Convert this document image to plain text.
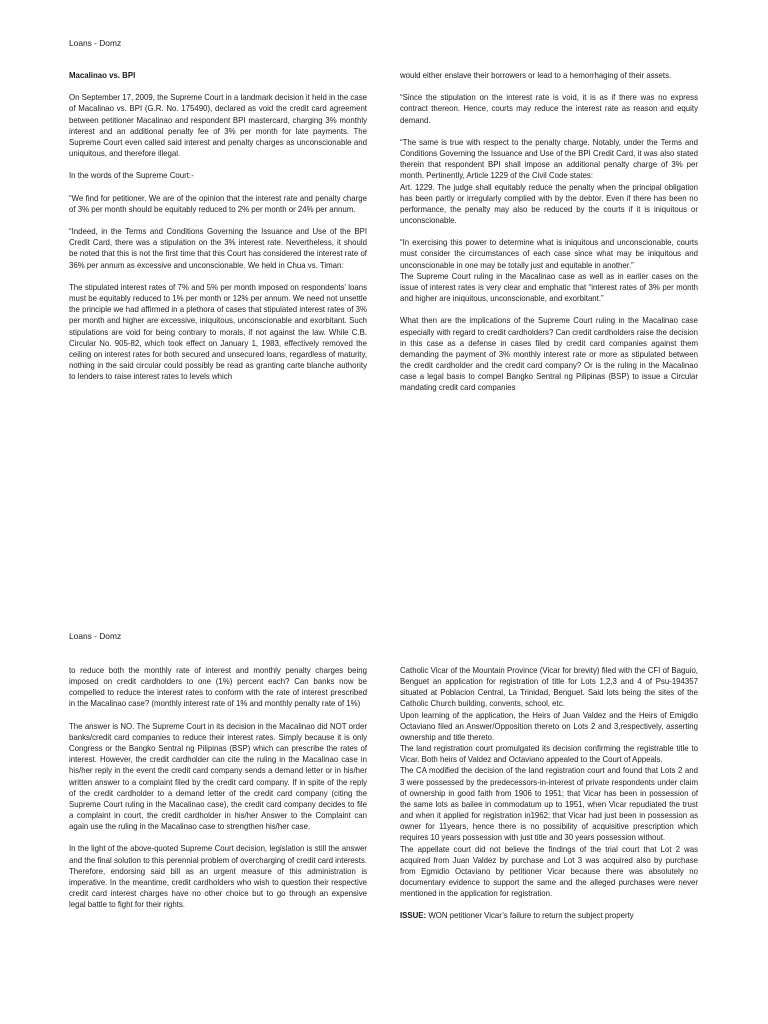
Loans - Domz

Macalinao vs. BPI

On September 17, 2009, the Supreme Court in a landmark decision it held in the case of Macalinao vs. BPI (G.R. No. 175490), declared as void the credit card agreement between petitioner Macalinao and respondent BPI mastercard, charging 3% monthly interest and an additional penalty fee of 3% per month for late payments. The Supreme Court even called said interest and penalty charges as unconscionable and uniquitous, and therefore illegal.

In the words of the Supreme Court:-

“We find for petitioner. We are of the opinion that the interest rate and penalty charge of 3% per month should be equitably reduced to 2% per month or 24% per annum.

“Indeed, in the Terms and Conditions Governing the Issuance and Use of the BPI Credit Card, there was a stipulation on the 3% interest rate. Nevertheless, it should be noted that this is not the first time that this Court has considered the interest rate of 36% per annum as excessive and unconscionable. We held in Chua vs. Timan:

The stipulated interest rates of 7% and 5% per month imposed on respondents’ loans must be equitably reduced to 1% per month or 12% per annum. We need not unsettle the principle we had affirmed in a plethora of cases that stipulated interest rates of 3% per month and higher are excessive, iniquitous, unconscionable and exorbitant. Such stipulations are void for being contrary to morals, if not against the law. While C.B. Circular No. 905-82, which took effect on January 1, 1983, effectively removed the ceiling on interest rates for both secured and unsecured loans, regardless of maturity, nothing in the said circular could possibly be read as granting carte blanche authority to lenders to raise interest rates to levels which

would either enslave their borrowers or lead to a hemorrhaging of their assets.

“Since the stipulation on the interest rate is void, it is as if there was no express contract thereon. Hence, courts may reduce the interest rate as reason and equity demand.

“The same is true with respect to the penalty charge. Notably, under the Terms and Conditions Governing the Issuance and Use of the BPI Credit Card, it was also stated therein that respondent BPI shall impose an additional penalty charge of 3% per month. Pertinently, Article 1229 of the Civil Code states:

Art. 1229. The judge shall equitably reduce the penalty when the principal obligation has been partly or irregularly complied with by the debtor. Even if there has been no performance, the penalty may also be reduced by the courts if it is iniquitous or unconscionable.

“In exercising this power to determine what is iniquitous and unconscionable, courts must consider the circumstances of each case since what may be iniquitous and unconscionable in one may be totally just and equitable in another.”

The Supreme Court ruling in the Macalinao case as well as in earlier cases on the issue of interest rates is very clear and emphatic that “interest rates of 3% per month and higher are iniquitous, unconscionable, and exorbitant.”

What then are the implications of the Supreme Court ruling in the Macalinao case especially with regard to credit cardholders? Can credit cardholders raise the decision in this case as a defense in cases filed by credit card companies against them demanding the payment of 3% monthly interest rate or more as stipulated between the credit cardholder and the credit card company? Or is the ruling in the Macalinao case a legal basis to compel Bangko Sentral ng Pilipinas (BSP) to issue a Circular mandating credit card companies

Loans - Domz

to reduce both the monthly rate of interest and monthly penalty charges being imposed on credit cardholders to one (1%) percent each? Can banks now be compelled to reduce the interest rates to conform with the rate of interest prescribed in the Macalinao case? (monthly interest rate of 1% and monthly penalty rate of 1%)

The answer is NO. The Supreme Court in its decision in the Macalinao did NOT order banks/credit card companies to reduce their interest rates. Simply because it is only Congress or the Bangko Sentral ng Pilipinas (BSP) which can prescribe the rates of interest. However, the credit cardholder can cite the ruling in the Macalinao case in his/her reply in the event the credit card company sends a demand letter or in his/her written answer to a complaint filed by the credit card company. If in spite of the reply of the credit cardholder to a demand letter of the credit card company (citing the Supreme Court ruling in the Macalinao case), the credit card company decides to file a complaint in court, the credit cardholder in his/her Answer to the Complaint can again use the ruling in the Macalinao case to strengthen his/her case.

In the light of the above-quoted Supreme Court decision, legislation is still the answer and the final solution to this perennial problem of overcharging of credit card interests. Therefore, endorsing said bill as an urgent measure of this administration is imperative. In the meantime, credit cardholders who wish to question their respective credit card interest charges have no other choice but to go through an expensive legal battle to fight for their rights.

Catholic Vicar of the Mountain Province (Vicar for brevity) filed with the CFI of Baguio, Benguet an application for registration of title for Lots 1,2,3 and 4 of Psu-194357 situated at Poblacion Central, La Trinidad, Benguet. Said lots being the sites of the Catholic Church building, convents, school, etc.

Upon learning of the application, the Heirs of Juan Valdez and the Heirs of Emigdio Octaviano filed an Answer/Opposition thereto on Lots 2 and 3,respectively, asserting ownership and title thereto.

The land registration court promulgated its decision confirming the registrable title to Vicar. Both heirs of Valdez and Octaviano appealed to the Court of Appeals.

The CA modified the decision of the land registration court and found that Lots 2 and 3 were possessed by the predecessors-in-interest of private respondents under claim of ownership in good faith from 1906 to 1951; that Vicar has been in possession of the same lots as bailee in commodatum up to 1951, when Vicar repudiated the trust and when it applied for registration in1962; that Vicar had just been in possession as owner for 11years, hence there is no possibility of acquisitive prescription which requires 10 years possession with just title and 30 years possession without.

The appellate court did not believe the findings of the trial court that Lot 2 was acquired from Juan Valdez by purchase and Lot 3 was acquired also by purchase from Egmidio Octaviano by petitioner Vicar because there was absolutely no documentary evidence to support the same and the alleged purchases were never mentioned in the application for registration.

ISSUE: WON petitioner Vicar’s failure to return the subject property
